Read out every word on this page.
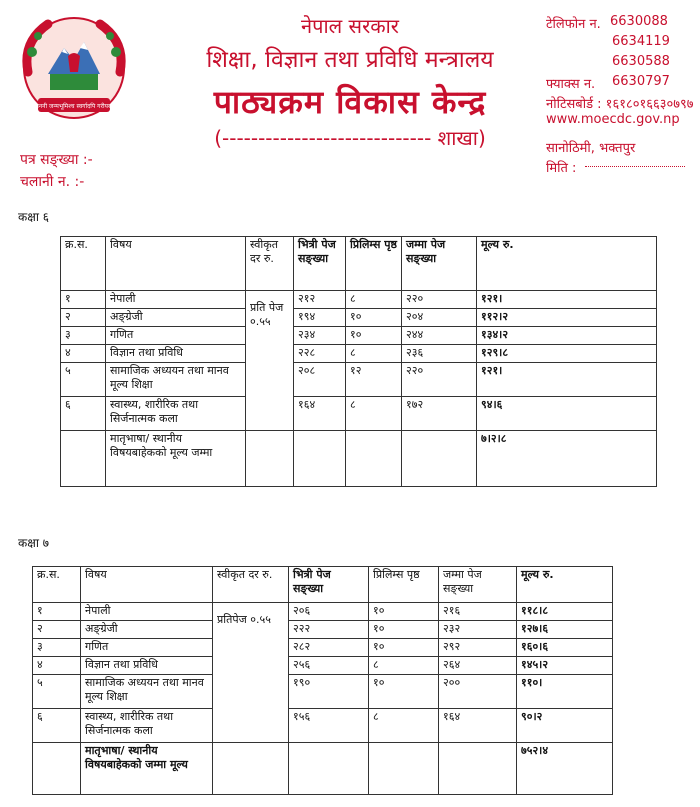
जननी जन्मभूमिश्च स्वर्गादपि गरीयसी
नेपाल सरकार
शिक्षा, विज्ञान तथा प्रविधि मन्त्रालय
पाठ्यक्रम विकास केन्द्र
(----------------------------- शाखा)
टेलिफोन न. 6630088
6634119
6630588
फ्याक्स न. 6630797
नोटिसबोर्ड : १६१८०१६६३०७९७
www.moecdc.gov.np
सानोठिमी, भक्तपुर
मिति :
पत्र सङ्ख्या :-
चलानी न. :-
कक्षा ६
क्र.स.	विषय	स्वीकृत दर रु.	भित्री पेज सङ्ख्या	प्रिलिम्स पृष्ठ	जम्मा पेज सङ्ख्या	मूल्य रु.
१	नेपाली	प्रति पेज ०.५५	२१२	८	२२०	१२१।
२	अङ्ग्रेजी		१९४	१०	२०४	११२।२
३	गणित		२३४	१०	२४४	१३४।२
४	विज्ञान तथा प्रविधि		२२८	८	२३६	१२९।८
५	सामाजिक अध्ययन तथा मानव मूल्य शिक्षा		२०८	१२	२२०	१२१।
६	स्वास्थ्य, शारीरिक तथा सिर्जनात्मक कला		१६४	८	१७२	९४।६
	मातृभाषा/ स्थानीय विषयबाहेकको मूल्य जम्मा					७।२।८
कक्षा ७
क्र.स.	विषय	स्वीकृत दर रु.	भित्री पेज सङ्ख्या	प्रिलिम्स पृष्ठ	जम्मा पेज सङ्ख्या	मूल्य रु.
१	नेपाली	प्रतिपेज ०.५५	२०६	१०	२१६	११८।८
२	अङ्ग्रेजी		२२२	१०	२३२	१२७।६
३	गणित		२८२	१०	२९२	१६०।६
४	विज्ञान तथा प्रविधि		२५६	८	२६४	१४५।२
५	सामाजिक अध्ययन तथा मानव मूल्य शिक्षा		१९०	१०	२००	११०।
६	स्वास्थ्य, शारीरिक तथा सिर्जनात्मक कला		१५६	८	१६४	९०।२
	मातृभाषा/ स्थानीय विषयबाहेकको जम्मा मूल्य					७५२।४
